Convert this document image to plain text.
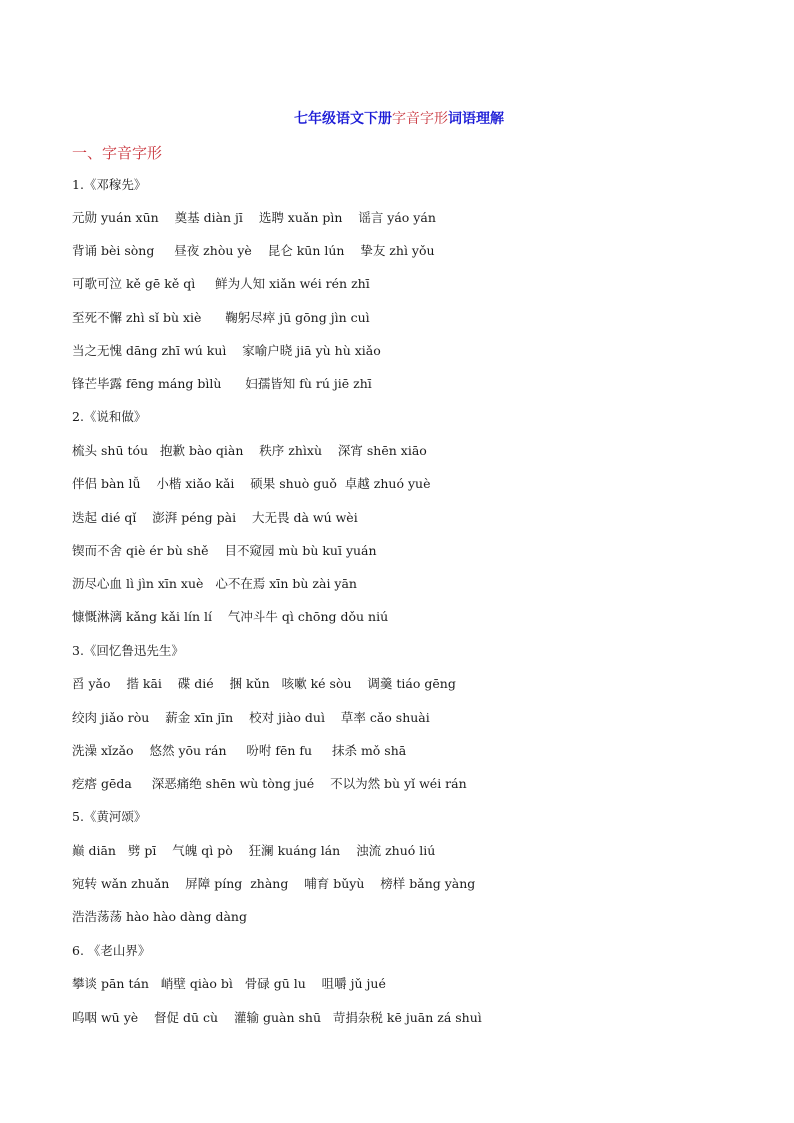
七年级语文下册字音字形词语理解
一、字音字形
1.《邓稼先》
元勋 yuán xūn    奠基 diàn jī    选聘 xuǎn pìn    谣言 yáo yán
背诵 bèi sòng     昼夜 zhòu yè    昆仑 kūn lún    挚友 zhì yǒu
可歌可泣 kě gē kě qì     鲜为人知 xiǎn wéi rén zhī
至死不懈 zhì sǐ bù xiè      鞠躬尽瘁 jū gōng jìn cuì
当之无愧 dāng zhī wú kuì    家喻户晓 jiā yù hù xiǎo
锋芒毕露 fēng máng bìlù      妇孺皆知 fù rú jiē zhī
2.《说和做》
梳头 shū tóu   抱歉 bào qiàn    秩序 zhìxù    深宵 shēn xiāo
伴侣 bàn lǚ    小楷 xiǎo kǎi    硕果 shuò guǒ  卓越 zhuó yuè
迭起 dié qǐ    澎湃 péng pài    大无畏 dà wú wèi
锲而不舍 qiè ér bù shě    目不窥园 mù bù kuī yuán
沥尽心血 lì jìn xīn xuè   心不在焉 xīn bù zài yān
慷慨淋漓 kǎng kǎi lín lí    气冲斗牛 qì chōng dǒu niú
3.《回忆鲁迅先生》
舀 yǎo    揩 kāi    碟 dié    捆 kǔn   咳嗽 ké sòu    调羹 tiáo gēng
绞肉 jiǎo ròu    薪金 xīn jīn    校对 jiào duì    草率 cǎo shuài
洗澡 xǐzǎo    悠然 yōu rán     吩咐 fēn fu     抹杀 mǒ shā
疙瘩 gēda     深恶痛绝 shēn wù tòng jué    不以为然 bù yǐ wéi rán
5.《黄河颂》
巅 diān   劈 pī    气魄 qì pò    狂澜 kuáng lán    浊流 zhuó liú
宛转 wǎn zhuǎn    屏障 píng  zhàng    哺育 bǔyù    榜样 bǎng yàng
浩浩荡荡 hào hào dàng dàng
6. 《老山界》
攀谈 pān tán   峭壁 qiào bì   骨碌 gū lu    咀嚼 jǔ jué
呜咽 wū yè    督促 dū cù    灌输 guàn shū   苛捐杂税 kē juān zá shuì
